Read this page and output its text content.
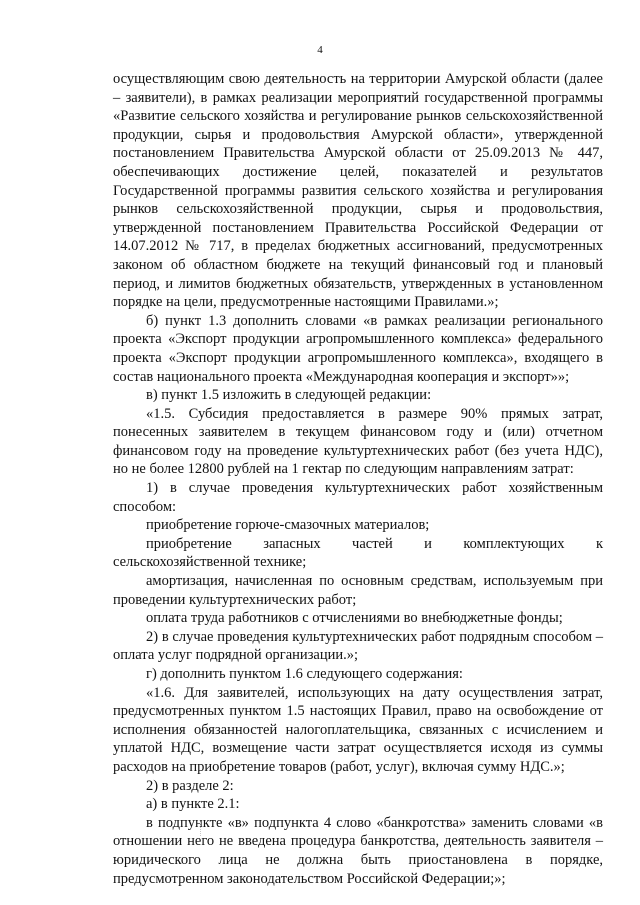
4

осуществляющим свою деятельность на территории Амурской области (далее – заявители), в рамках реализации мероприятий государственной программы «Развитие сельского хозяйства и регулирование рынков сельскохозяйственной продукции, сырья и продовольствия Амурской области», утвержденной постановлением Правительства Амурской области от 25.09.2013 № 447, обеспечивающих достижение целей, показателей и результатов Государственной программы развития сельского хозяйства и регулирования рынков сельскохозяйственной продукции, сырья и продовольствия, утвержденной постановлением Правительства Российской Федерации от 14.07.2012 № 717, в пределах бюджетных ассигнований, предусмотренных законом об областном бюджете на текущий финансовый год и плановый период, и лимитов бюджетных обязательств, утвержденных в установленном порядке на цели, предусмотренные настоящими Правилами.»;

б) пункт 1.3 дополнить словами «в рамках реализации регионального проекта «Экспорт продукции агропромышленного комплекса» федерального проекта «Экспорт продукции агропромышленного комплекса», входящего в состав национального проекта «Международная кооперация и экспорт»»;

в) пункт 1.5 изложить в следующей редакции:

«1.5. Субсидия предоставляется в размере 90% прямых затрат, понесенных заявителем в текущем финансовом году и (или) отчетном финансовом году на проведение культуртехнических работ (без учета НДС), но не более 12800 рублей на 1 гектар по следующим направлениям затрат:

1) в случае проведения культуртехнических работ хозяйственным способом:

приобретение горюче-смазочных материалов;

приобретение запасных частей и комплектующих к сельскохозяйственной технике;

амортизация, начисленная по основным средствам, используемым при проведении культуртехнических работ;

оплата труда работников с отчислениями во внебюджетные фонды;

2) в случае проведения культуртехнических работ подрядным способом – оплата услуг подрядной организации.»;

г) дополнить пунктом 1.6 следующего содержания:

«1.6. Для заявителей, использующих на дату осуществления затрат, предусмотренных пунктом 1.5 настоящих Правил, право на освобождение от исполнения обязанностей налогоплательщика, связанных с исчислением и уплатой НДС, возмещение части затрат осуществляется исходя из суммы расходов на приобретение товаров (работ, услуг), включая сумму НДС.»;

2) в разделе 2:

а) в пункте 2.1:

в подпункте «в» подпункта 4 слово «банкротства» заменить словами «в отношении него не введена процедура банкротства, деятельность заявителя – юридического лица не должна быть приостановлена в порядке, предусмотренном законодательством Российской Федерации;»;
